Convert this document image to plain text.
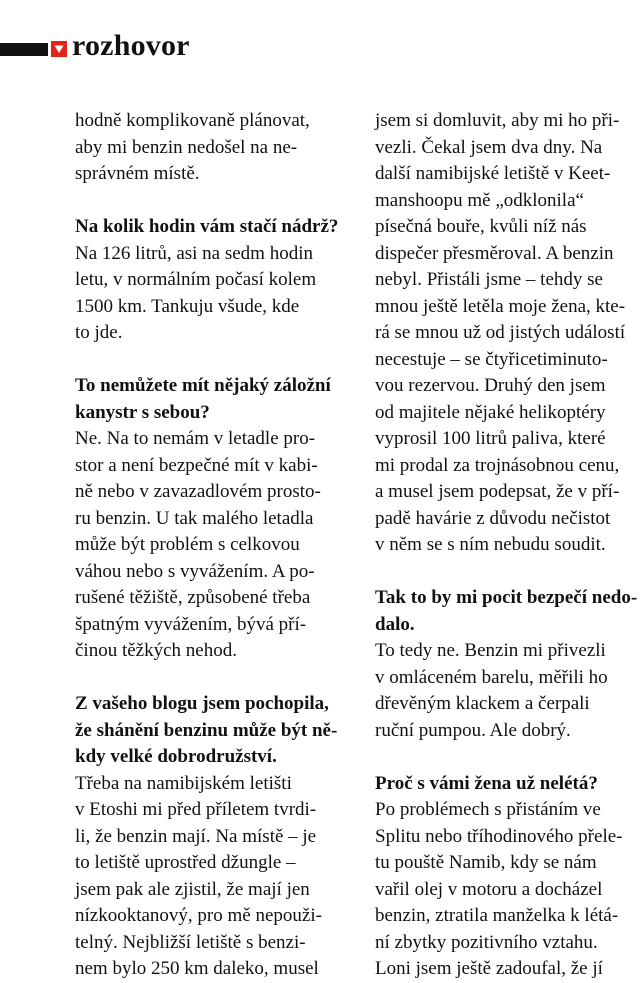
rozhovor
hodně komplikovaně plánovat,
aby mi benzin nedošel na ne-
správném místě.
Na kolik hodin vám stačí nádrž?
Na 126 litrů, asi na sedm hodin
letu, v normálním počasí kolem
1500 km. Tankuju všude, kde
to jde.
To nemůžete mít nějaký záložní
kanystr s sebou?
Ne. Na to nemám v letadle pro-
stor a není bezpečné mít v kabi-
ně nebo v zavazadlovém prosto-
ru benzin. U tak malého letadla
může být problém s celkovou
váhou nebo s vyvážením. A po-
rušené těžiště, způsobené třeba
špatným vyvážením, bývá pří-
činou těžkých nehod.
Z vašeho blogu jsem pochopila,
že shánění benzinu může být ně-
kdy velké dobrodružství.
Třeba na namibijském letišti
v Etoshi mi před příletem tvrdi-
li, že benzin mají. Na místě – je
to letiště uprostřed džungle –
jsem pak ale zjistil, že mají jen
nízkooktanový, pro mě nepouži-
telný. Nejbližší letiště s benzi-
nem bylo 250 km daleko, musel
jsem si domluvit, aby mi ho při-
vezli. Čekal jsem dva dny. Na
další namibijské letiště v Keet-
manshoopu mě „odklonila“
písečná bouře, kvůli níž nás
dispečer přesměroval. A benzin
nebyl. Přistáli jsme – tehdy se
mnou ještě letěla moje žena, kte-
rá se mnou už od jistých událostí
necestuje – se čtyřicetiminuto-
vou rezervou. Druhý den jsem
od majitele nějaké helikoptéry
vyprosil 100 litrů paliva, které
mi prodal za trojnásobnou cenu,
a musel jsem podepsat, že v pří-
padě havárie z důvodu nečistot
v něm se s ním nebudu soudit.
Tak to by mi pocit bezpečí nedo-
dalo.
To tedy ne. Benzin mi přivezli
v omláceném barelu, měřili ho
dřevěným klackem a čerpali
ruční pumpou. Ale dobrý.
Proč s vámi žena už nelétá?
Po problémech s přistáním ve
Splitu nebo tříhodinového přele-
tu pouště Namib, kdy se nám
vařil olej v motoru a docházel
benzin, ztratila manželka k létá-
ní zbytky pozitivního vztahu.
Loni jsem ještě zadoufal, že jí
